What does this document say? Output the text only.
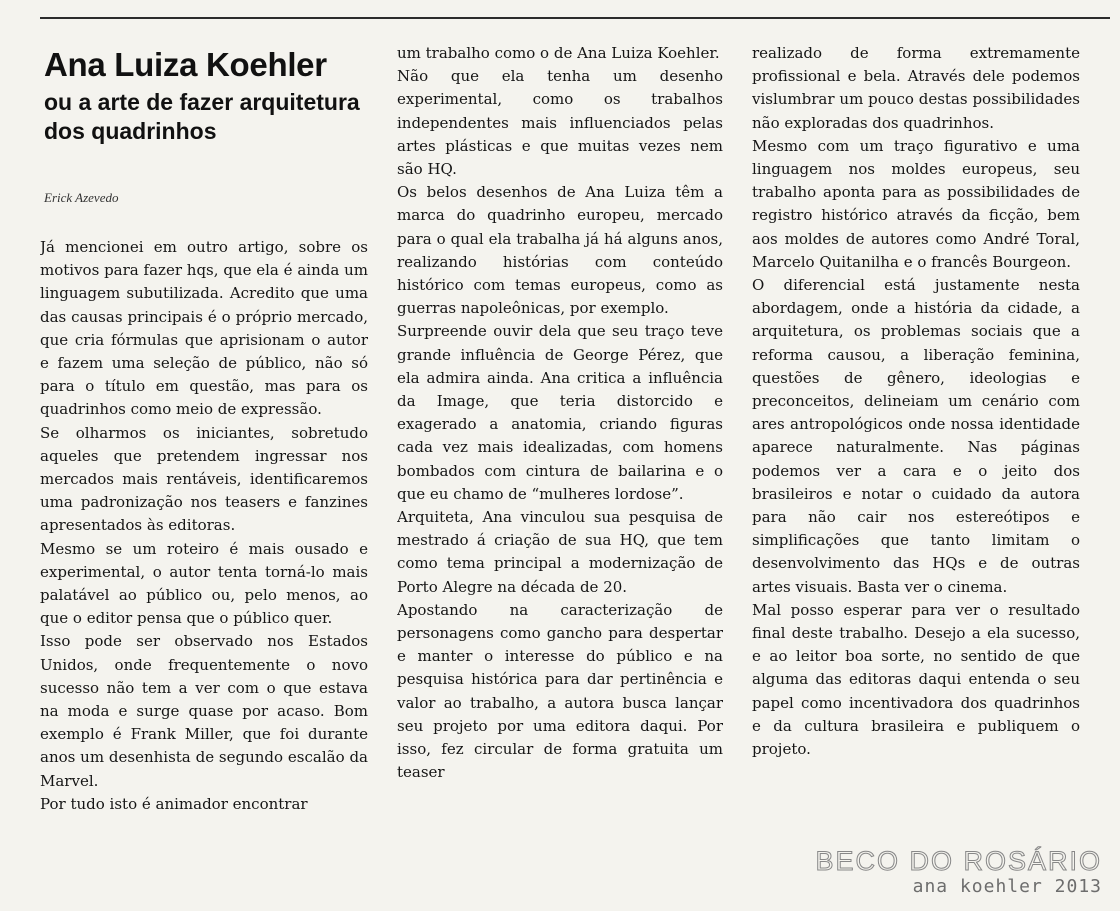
Ana Luiza Koehler
ou a arte de fazer arquitetura dos quadrinhos
Erick Azevedo

Já mencionei em outro artigo, sobre os motivos para fazer hqs, que ela é ainda um linguagem subutilizada. Acredito que uma das causas principais é o próprio mercado, que cria fórmulas que aprisionam o autor e fazem uma seleção de público, não só para o título em questão, mas para os quadrinhos como meio de expressão.

Se olharmos os iniciantes, sobretudo aqueles que pretendem ingressar nos mercados mais rentáveis, identificaremos uma padronização nos teasers e fanzines apresentados às editoras.

Mesmo se um roteiro é mais ousado e experimental, o autor tenta torná-lo mais palatável ao público ou, pelo menos, ao que o editor pensa que o público quer.

Isso pode ser observado nos Estados Unidos, onde frequentemente o novo sucesso não tem a ver com o que estava na moda e surge quase por acaso. Bom exemplo é Frank Miller, que foi durante anos um desenhista de segundo escalão da Marvel.

Por tudo isto é animador encontrar

um trabalho como o de Ana Luiza Koehler.

Não que ela tenha um desenho experimental, como os trabalhos independentes mais influenciados pelas artes plásticas e que muitas vezes nem são HQ.

Os belos desenhos de Ana Luiza têm a marca do quadrinho europeu, mercado para o qual ela trabalha já há alguns anos, realizando histórias com conteúdo histórico com temas europeus, como as guerras napoleônicas, por exemplo.

Surpreende ouvir dela que seu traço teve grande influência de George Pérez, que ela admira ainda. Ana critica a influência da Image, que teria distorcido e exagerado a anatomia, criando figuras cada vez mais idealizadas, com homens bombados com cintura de bailarina e o que eu chamo de “mulheres lordose”.

Arquiteta, Ana vinculou sua pesquisa de mestrado á criação de sua HQ, que tem como tema principal a modernização de Porto Alegre na década de 20.

Apostando na caracterização de personagens como gancho para despertar e manter o interesse do público e na pesquisa histórica para dar pertinência e valor ao trabalho, a autora busca lançar seu projeto por uma editora daqui. Por isso, fez circular de forma gratuita um teaser

realizado de forma extremamente profissional e bela. Através dele podemos vislumbrar um pouco destas possibilidades não exploradas dos quadrinhos.

Mesmo com um traço figurativo e uma linguagem nos moldes europeus, seu trabalho aponta para as possibilidades de registro histórico através da ficção, bem aos moldes de autores como André Toral, Marcelo Quitanilha e o francês Bourgeon.

O diferencial está justamente nesta abordagem, onde a história da cidade, a arquitetura, os problemas sociais que a reforma causou, a liberação feminina, questões de gênero, ideologias e preconceitos, delineiam um cenário com ares antropológicos onde nossa identidade aparece naturalmente. Nas páginas podemos ver a cara e o jeito dos brasileiros e notar o cuidado da autora para não cair nos estereótipos e simplificações que tanto limitam o desenvolvimento das HQs e de outras artes visuais. Basta ver o cinema.

Mal posso esperar para ver o resultado final deste trabalho. Desejo a ela sucesso, e ao leitor boa sorte, no sentido de que alguma das editoras daqui entenda o seu papel como incentivadora dos quadrinhos e da cultura brasileira e publiquem o projeto.

BECO DO ROSÁRIO
ana koehler 2013
